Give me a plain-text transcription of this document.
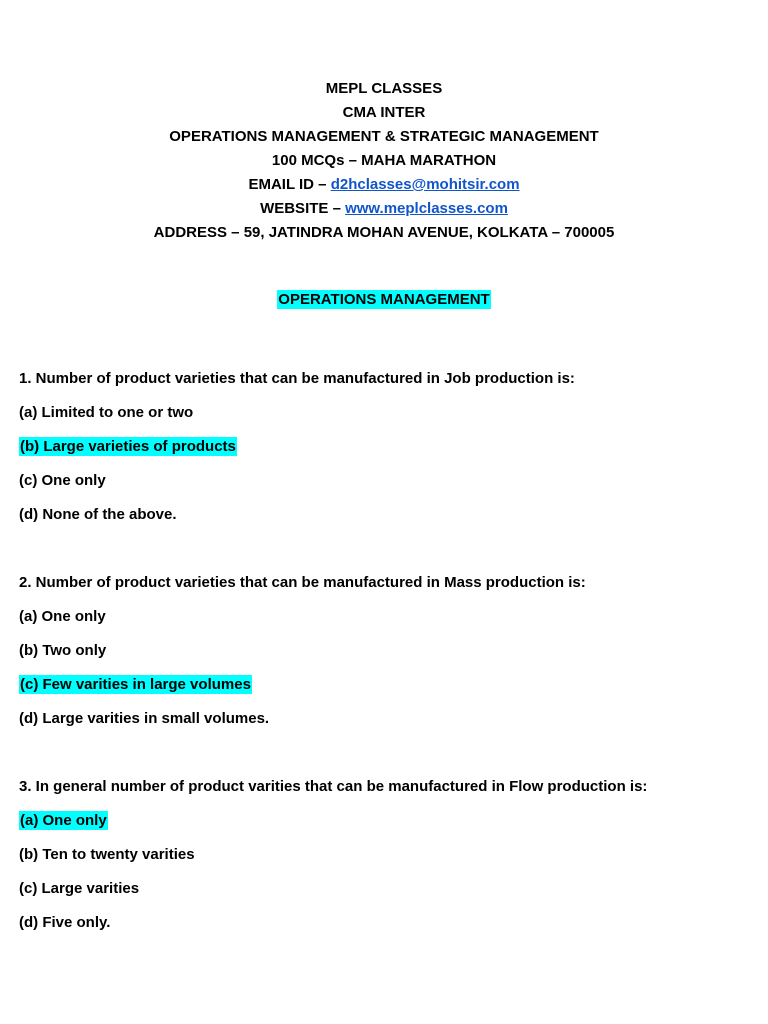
MEPL CLASSES
CMA INTER
OPERATIONS MANAGEMENT & STRATEGIC MANAGEMENT
100 MCQs – MAHA MARATHON
EMAIL ID – d2hclasses@mohitsir.com
WEBSITE – www.meplclasses.com
ADDRESS – 59, JATINDRA MOHAN AVENUE, KOLKATA – 700005
OPERATIONS MANAGEMENT
1. Number of product varieties that can be manufactured in Job production is:
(a) Limited to one or two
(b) Large varieties of products
(c) One only
(d) None of the above.
2. Number of product varieties that can be manufactured in Mass production is:
(a) One only
(b) Two only
(c) Few varities in large volumes
(d) Large varities in small volumes.
3. In general number of product varities that can be manufactured in Flow production is:
(a) One only
(b) Ten to twenty varities
(c) Large varities
(d) Five only.
